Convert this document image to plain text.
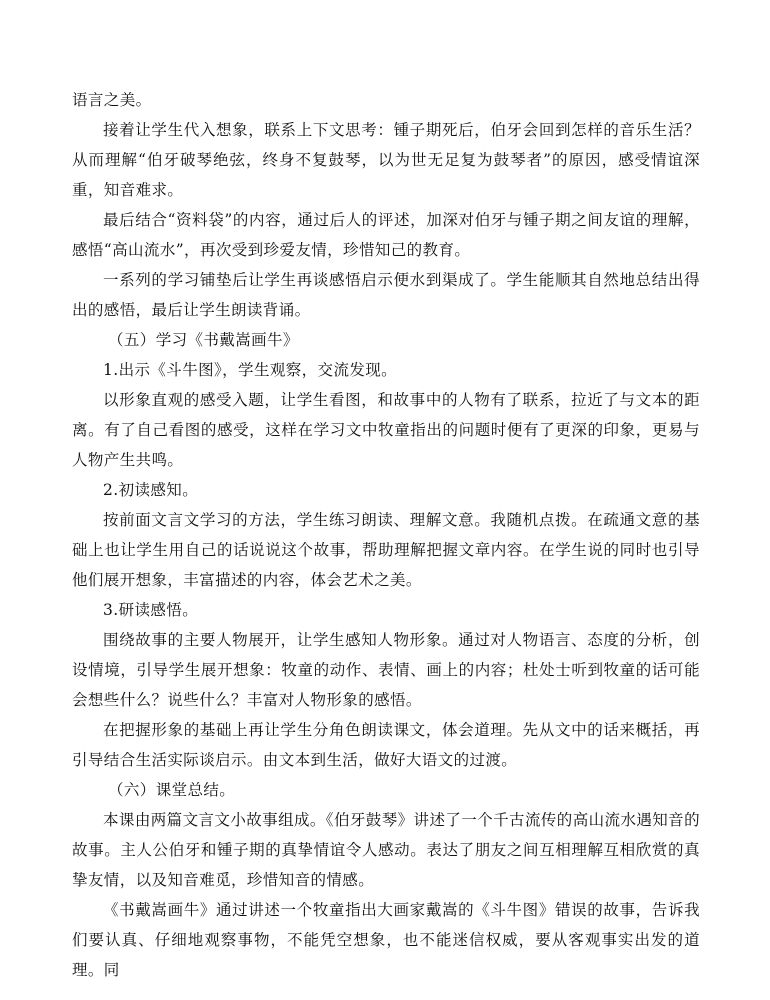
语言之美。

接着让学生代入想象，联系上下文思考：锺子期死后，伯牙会回到怎样的音乐生活？从而理解“伯牙破琴绝弦，终身不复鼓琴，以为世无足复为鼓琴者”的原因，感受情谊深重，知音难求。

最后结合“资料袋”的内容，通过后人的评述，加深对伯牙与锺子期之间友谊的理解，感悟“高山流水”，再次受到珍爱友情，珍惜知己的教育。

一系列的学习铺垫后让学生再谈感悟启示便水到渠成了。学生能顺其自然地总结出得出的感悟，最后让学生朗读背诵。

（五）学习《书戴嵩画牛》

1.出示《斗牛图》，学生观察，交流发现。

以形象直观的感受入题，让学生看图，和故事中的人物有了联系，拉近了与文本的距离。有了自己看图的感受，这样在学习文中牧童指出的问题时便有了更深的印象，更易与人物产生共鸣。

2.初读感知。

按前面文言文学习的方法，学生练习朗读、理解文意。我随机点拨。在疏通文意的基础上也让学生用自己的话说说这个故事，帮助理解把握文章内容。在学生说的同时也引导他们展开想象，丰富描述的内容，体会艺术之美。

3.研读感悟。

围绕故事的主要人物展开，让学生感知人物形象。通过对人物语言、态度的分析，创设情境，引导学生展开想象：牧童的动作、表情、画上的内容；杜处士听到牧童的话可能会想些什么？说些什么？丰富对人物形象的感悟。

在把握形象的基础上再让学生分角色朗读课文，体会道理。先从文中的话来概括，再引导结合生活实际谈启示。由文本到生活，做好大语文的过渡。

（六）课堂总结。

本课由两篇文言文小故事组成。《伯牙鼓琴》讲述了一个千古流传的高山流水遇知音的故事。主人公伯牙和锺子期的真挚情谊令人感动。表达了朋友之间互相理解互相欣赏的真挚友情，以及知音难觅，珍惜知音的情感。

《书戴嵩画牛》通过讲述一个牧童指出大画家戴嵩的《斗牛图》错误的故事，告诉我们要认真、仔细地观察事物，不能凭空想象，也不能迷信权威，要从客观事实出发的道理。同
